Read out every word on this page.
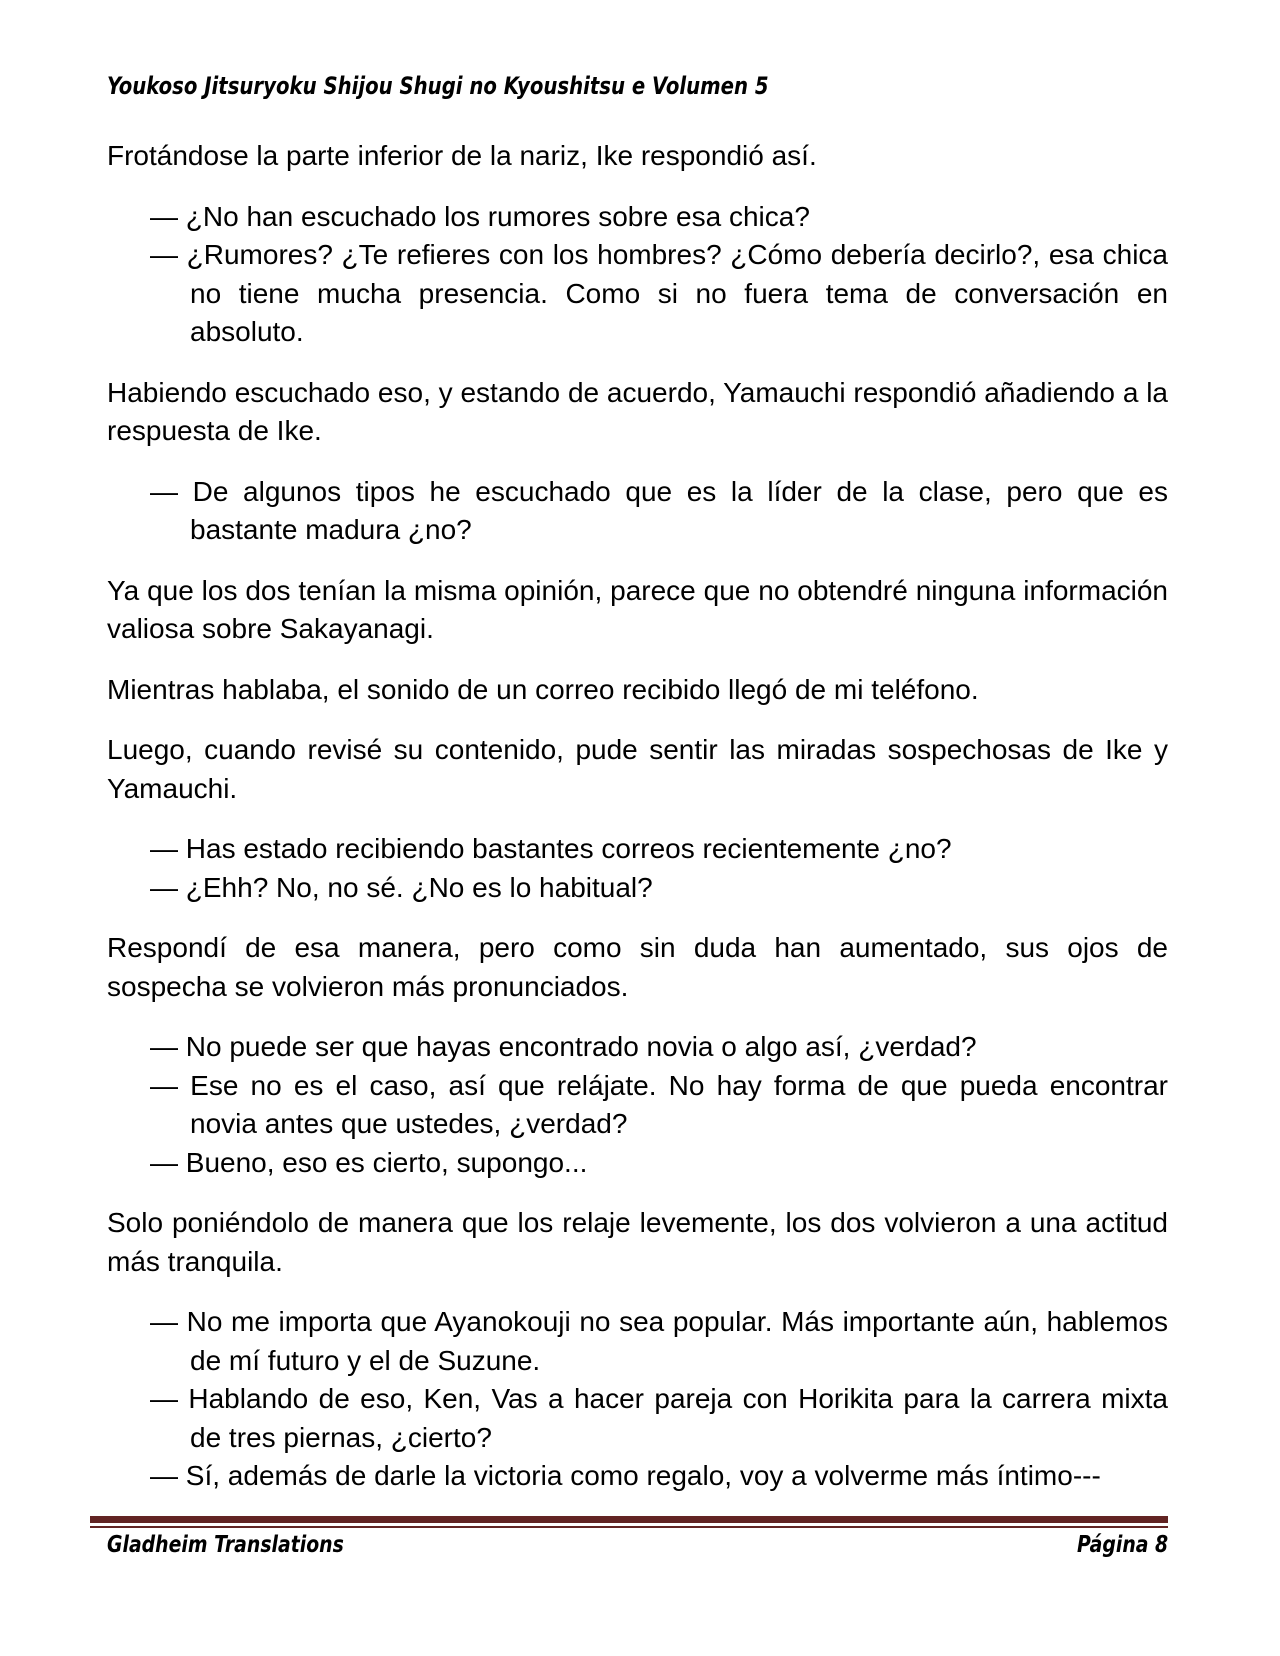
Youkoso Jitsuryoku Shijou Shugi no Kyoushitsu e Volumen 5

Frotándose la parte inferior de la nariz, Ike respondió así.

— ¿No han escuchado los rumores sobre esa chica?

— ¿Rumores? ¿Te refieres con los hombres? ¿Cómo debería decirlo?, esa chica no tiene mucha presencia. Como si no fuera tema de conversación en absoluto.

Habiendo escuchado eso, y estando de acuerdo, Yamauchi respondió añadiendo a la respuesta de Ike.

— De algunos tipos he escuchado que es la líder de la clase, pero que es bastante madura ¿no?

Ya que los dos tenían la misma opinión, parece que no obtendré ninguna información valiosa sobre Sakayanagi.

Mientras hablaba, el sonido de un correo recibido llegó de mi teléfono.

Luego, cuando revisé su contenido, pude sentir las miradas sospechosas de Ike y Yamauchi.

— Has estado recibiendo bastantes correos recientemente ¿no?

— ¿Ehh? No, no sé. ¿No es lo habitual?

Respondí de esa manera, pero como sin duda han aumentado, sus ojos de sospecha se volvieron más pronunciados.

— No puede ser que hayas encontrado novia o algo así, ¿verdad?

— Ese no es el caso, así que relájate. No hay forma de que pueda encontrar novia antes que ustedes, ¿verdad?

— Bueno, eso es cierto, supongo...

Solo poniéndolo de manera que los relaje levemente, los dos volvieron a una actitud más tranquila.

— No me importa que Ayanokouji no sea popular. Más importante aún, hablemos de mí futuro y el de Suzune.

— Hablando de eso, Ken, Vas a hacer pareja con Horikita para la carrera mixta de tres piernas, ¿cierto?

— Sí, además de darle la victoria como regalo, voy a volverme más íntimo---

Gladheim Translations	Página 8
